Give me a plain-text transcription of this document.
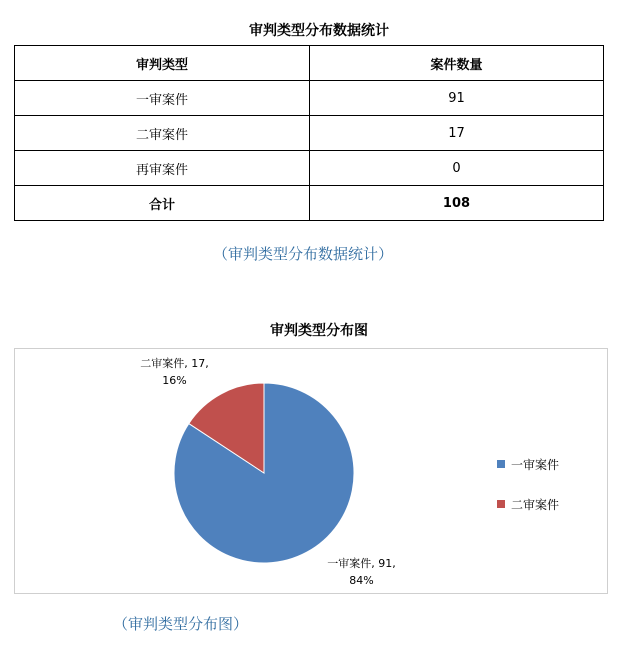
审判类型分布数据统计
审判类型	案件数量
一审案件	91
二审案件	17
再审案件	0
合计	108
（审判类型分布数据统计）
审判类型分布图
二审案件, 17,
16%
一审案件, 91,
84%
一审案件
二审案件
（审判类型分布图）
